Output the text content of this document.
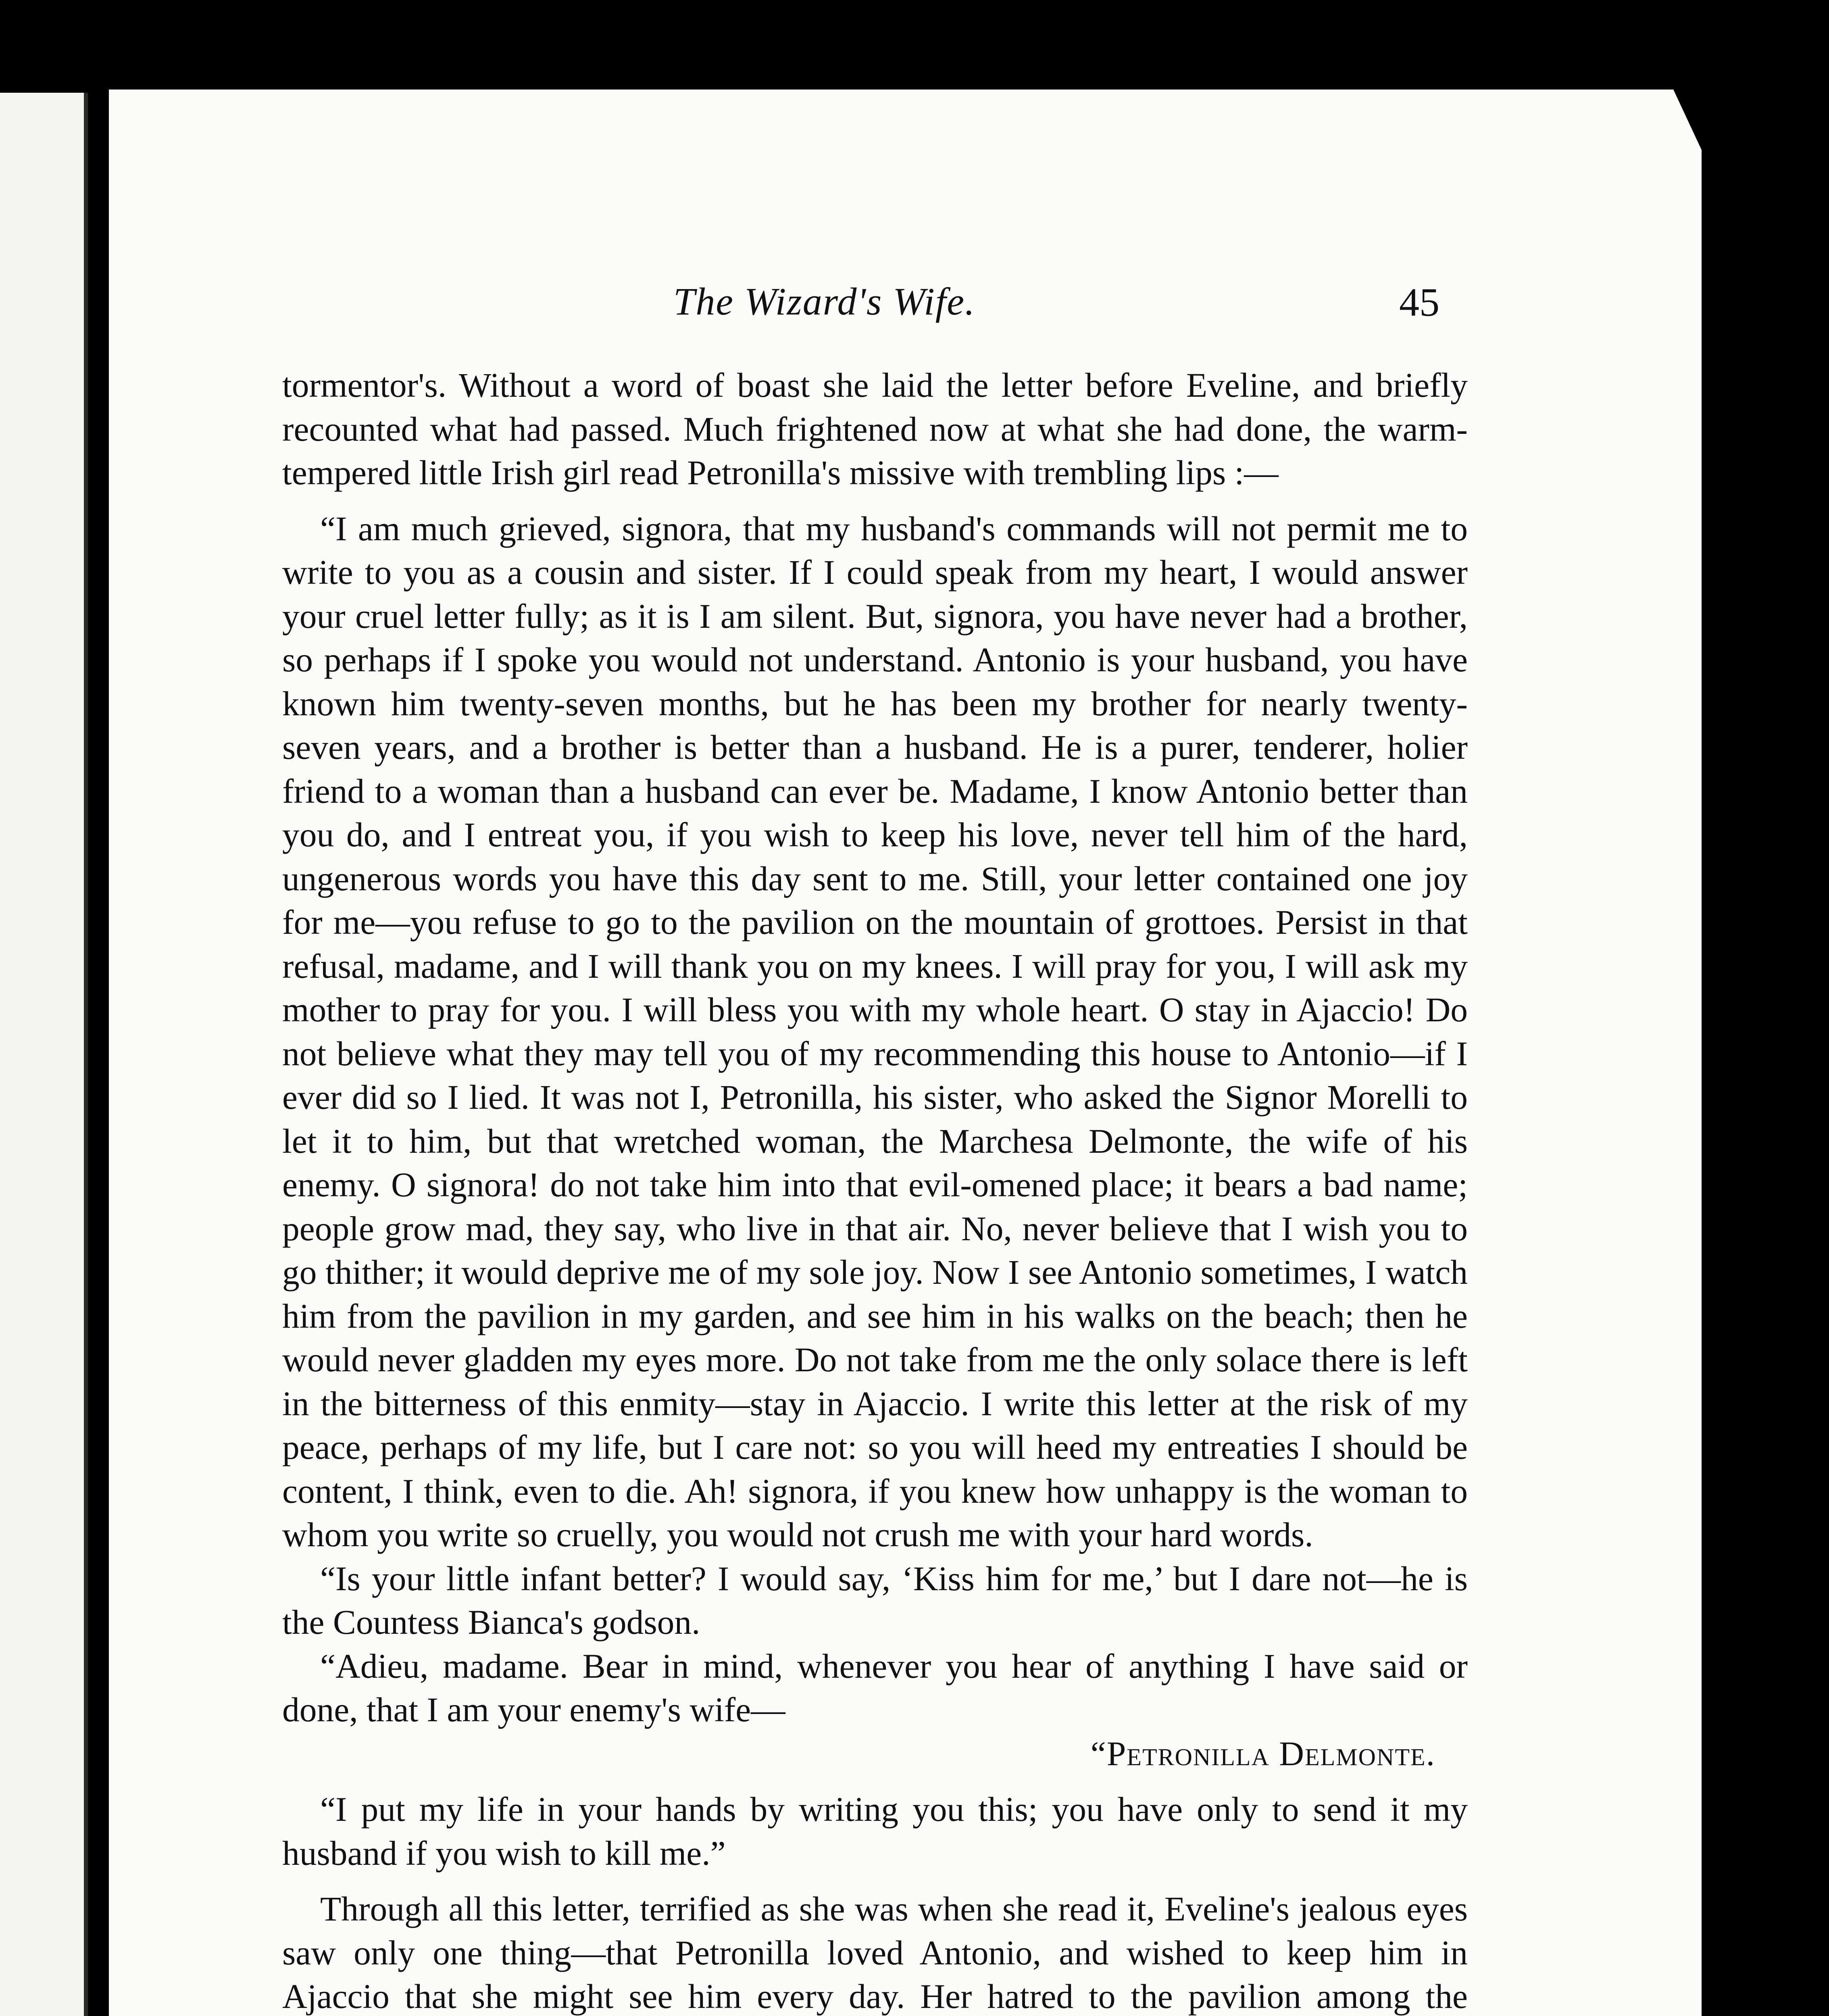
The Wizard's Wife.	45

tormentor's. Without a word of boast she laid the letter before Eveline, and briefly recounted what had passed. Much frightened now at what she had done, the warm-tempered little Irish girl read Petronilla's missive with trembling lips :—

“I am much grieved, signora, that my husband's commands will not permit me to write to you as a cousin and sister. If I could speak from my heart, I would answer your cruel letter fully; as it is I am silent. But, signora, you have never had a brother, so perhaps if I spoke you would not understand. Antonio is your husband, you have known him twenty-seven months, but he has been my brother for nearly twenty-seven years, and a brother is better than a husband. He is a purer, tenderer, holier friend to a woman than a husband can ever be. Madame, I know Antonio better than you do, and I entreat you, if you wish to keep his love, never tell him of the hard, ungenerous words you have this day sent to me. Still, your letter contained one joy for me—you refuse to go to the pavilion on the mountain of grottoes. Persist in that refusal, madame, and I will thank you on my knees. I will pray for you, I will ask my mother to pray for you. I will bless you with my whole heart. O stay in Ajaccio! Do not believe what they may tell you of my recommending this house to Antonio—if I ever did so I lied. It was not I, Petronilla, his sister, who asked the Signor Morelli to let it to him, but that wretched woman, the Marchesa Delmonte, the wife of his enemy. O signora! do not take him into that evil-omened place; it bears a bad name; people grow mad, they say, who live in that air. No, never believe that I wish you to go thither; it would deprive me of my sole joy. Now I see Antonio sometimes, I watch him from the pavilion in my garden, and see him in his walks on the beach; then he would never gladden my eyes more. Do not take from me the only solace there is left in the bitterness of this enmity—stay in Ajaccio. I write this letter at the risk of my peace, perhaps of my life, but I care not: so you will heed my entreaties I should be content, I think, even to die. Ah! signora, if you knew how unhappy is the woman to whom you write so cruelly, you would not crush me with your hard words.

“Is your little infant better? I would say, ‘Kiss him for me,’ but I dare not—he is the Countess Bianca's godson.

“Adieu, madame. Bear in mind, whenever you hear of anything I have said or done, that I am your enemy's wife—

“Petronilla Delmonte.

“I put my life in your hands by writing you this; you have only to send it my husband if you wish to kill me.”

Through all this letter, terrified as she was when she read it, Eveline's jealous eyes saw only one thing—that Petronilla loved Antonio, and wished to keep him in Ajaccio that she might see him every day. Her hatred to the pavilion among the
